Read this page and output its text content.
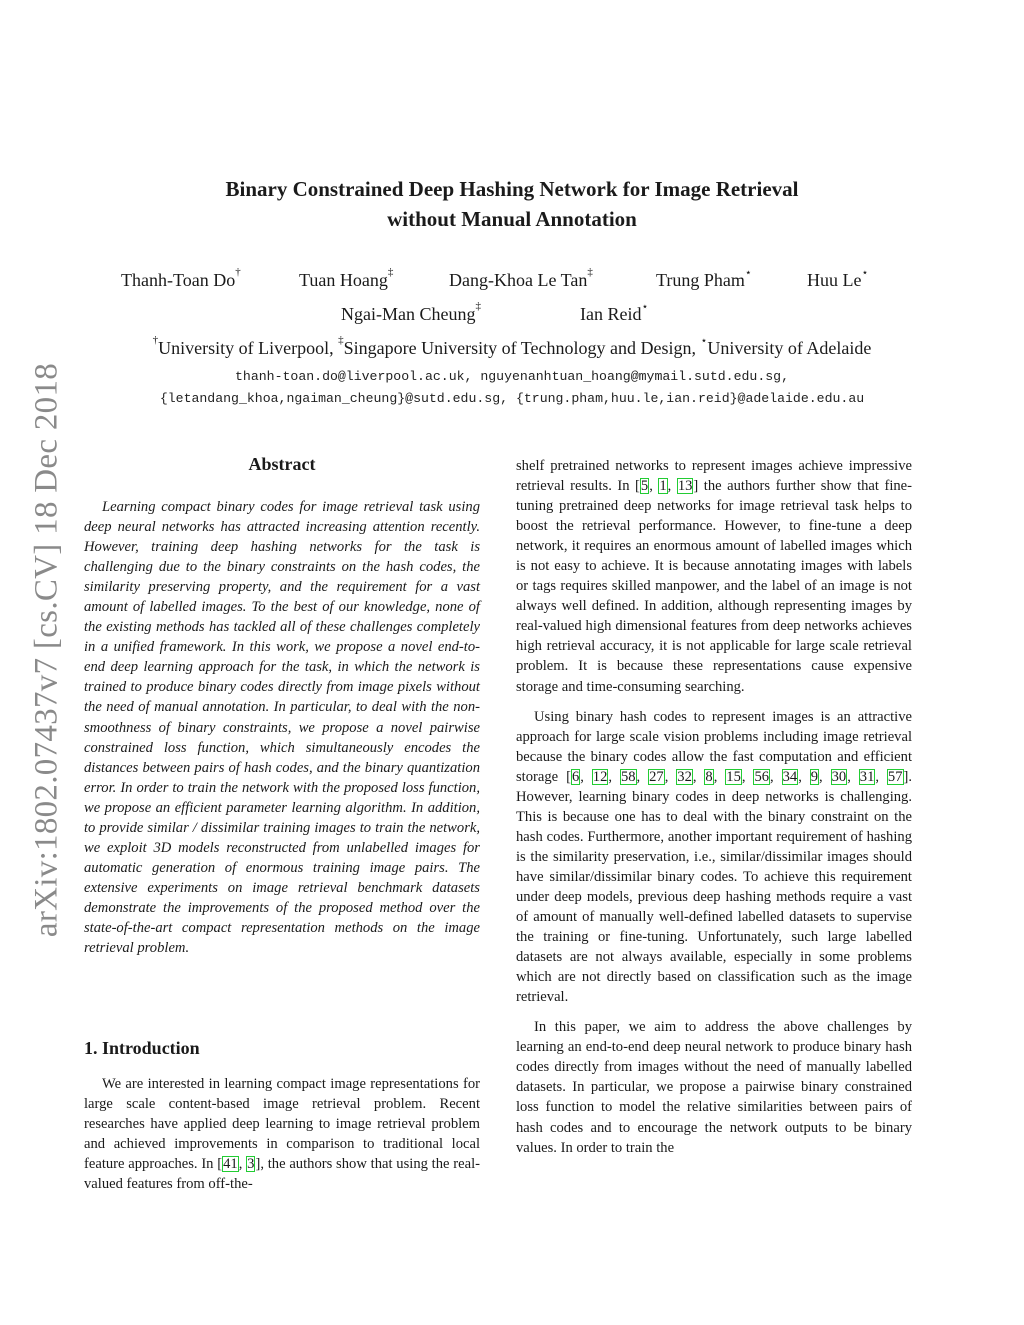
arXiv:1802.07437v7 [cs.CV] 18 Dec 2018
Binary Constrained Deep Hashing Network for Image Retrieval
without Manual Annotation
Thanh-Toan Do†	Tuan Hoang‡	Dang-Khoa Le Tan‡	Trung Pham⋆	Huu Le⋆
Ngai-Man Cheung‡	Ian Reid⋆
†University of Liverpool, ‡Singapore University of Technology and Design, ⋆University of Adelaide
thanh-toan.do@liverpool.ac.uk, nguyenanhtuan_hoang@mymail.sutd.edu.sg,
{letandang_khoa,ngaiman_cheung}@sutd.edu.sg, {trung.pham,huu.le,ian.reid}@adelaide.edu.au
Abstract
Learning compact binary codes for image retrieval task using deep neural networks has attracted increasing attention recently. However, training deep hashing networks for the task is challenging due to the binary constraints on the hash codes, the similarity preserving property, and the requirement for a vast amount of labelled images. To the best of our knowledge, none of the existing methods has tackled all of these challenges completely in a unified framework. In this work, we propose a novel end-to-end deep learning approach for the task, in which the network is trained to produce binary codes directly from image pixels without the need of manual annotation. In particular, to deal with the non-smoothness of binary constraints, we propose a novel pairwise constrained loss function, which simultaneously encodes the distances between pairs of hash codes, and the binary quantization error. In order to train the network with the proposed loss function, we propose an efficient parameter learning algorithm. In addition, to provide similar / dissimilar training images to train the network, we exploit 3D models reconstructed from unlabelled images for automatic generation of enormous training image pairs. The extensive experiments on image retrieval benchmark datasets demonstrate the improvements of the proposed method over the state-of-the-art compact representation methods on the image retrieval problem.
1. Introduction
We are interested in learning compact image representations for large scale content-based image retrieval problem. Recent researches have applied deep learning to image retrieval problem and achieved improvements in comparison to traditional local feature approaches. In [41, 3], the authors show that using the real-valued features from off-the-

shelf pretrained networks to represent images achieve impressive retrieval results. In [5, 1, 13] the authors further show that fine-tuning pretrained deep networks for image retrieval task helps to boost the retrieval performance. However, to fine-tune a deep network, it requires an enormous amount of labelled images which is not easy to achieve. It is because annotating images with labels or tags requires skilled manpower, and the label of an image is not always well defined. In addition, although representing images by real-valued high dimensional features from deep networks achieves high retrieval accuracy, it is not applicable for large scale retrieval problem. It is because these representations cause expensive storage and time-consuming searching.

Using binary hash codes to represent images is an attractive approach for large scale vision problems including image retrieval because the binary codes allow the fast computation and efficient storage [6, 12, 58, 27, 32, 8, 15, 56, 34, 9, 30, 31, 57]. However, learning binary codes in deep networks is challenging. This is because one has to deal with the binary constraint on the hash codes. Furthermore, another important requirement of hashing is the similarity preservation, i.e., similar/dissimilar images should have similar/dissimilar binary codes. To achieve this requirement under deep models, previous deep hashing methods require a vast of amount of manually well-defined labelled datasets to supervise the training or fine-tuning. Unfortunately, such large labelled datasets are not always available, especially in some problems which are not directly based on classification such as the image retrieval.

In this paper, we aim to address the above challenges by learning an end-to-end deep neural network to produce binary hash codes directly from images without the need of manually labelled datasets. In particular, we propose a pairwise binary constrained loss function to model the relative similarities between pairs of hash codes and to encourage the network outputs to be binary values. In order to train the
